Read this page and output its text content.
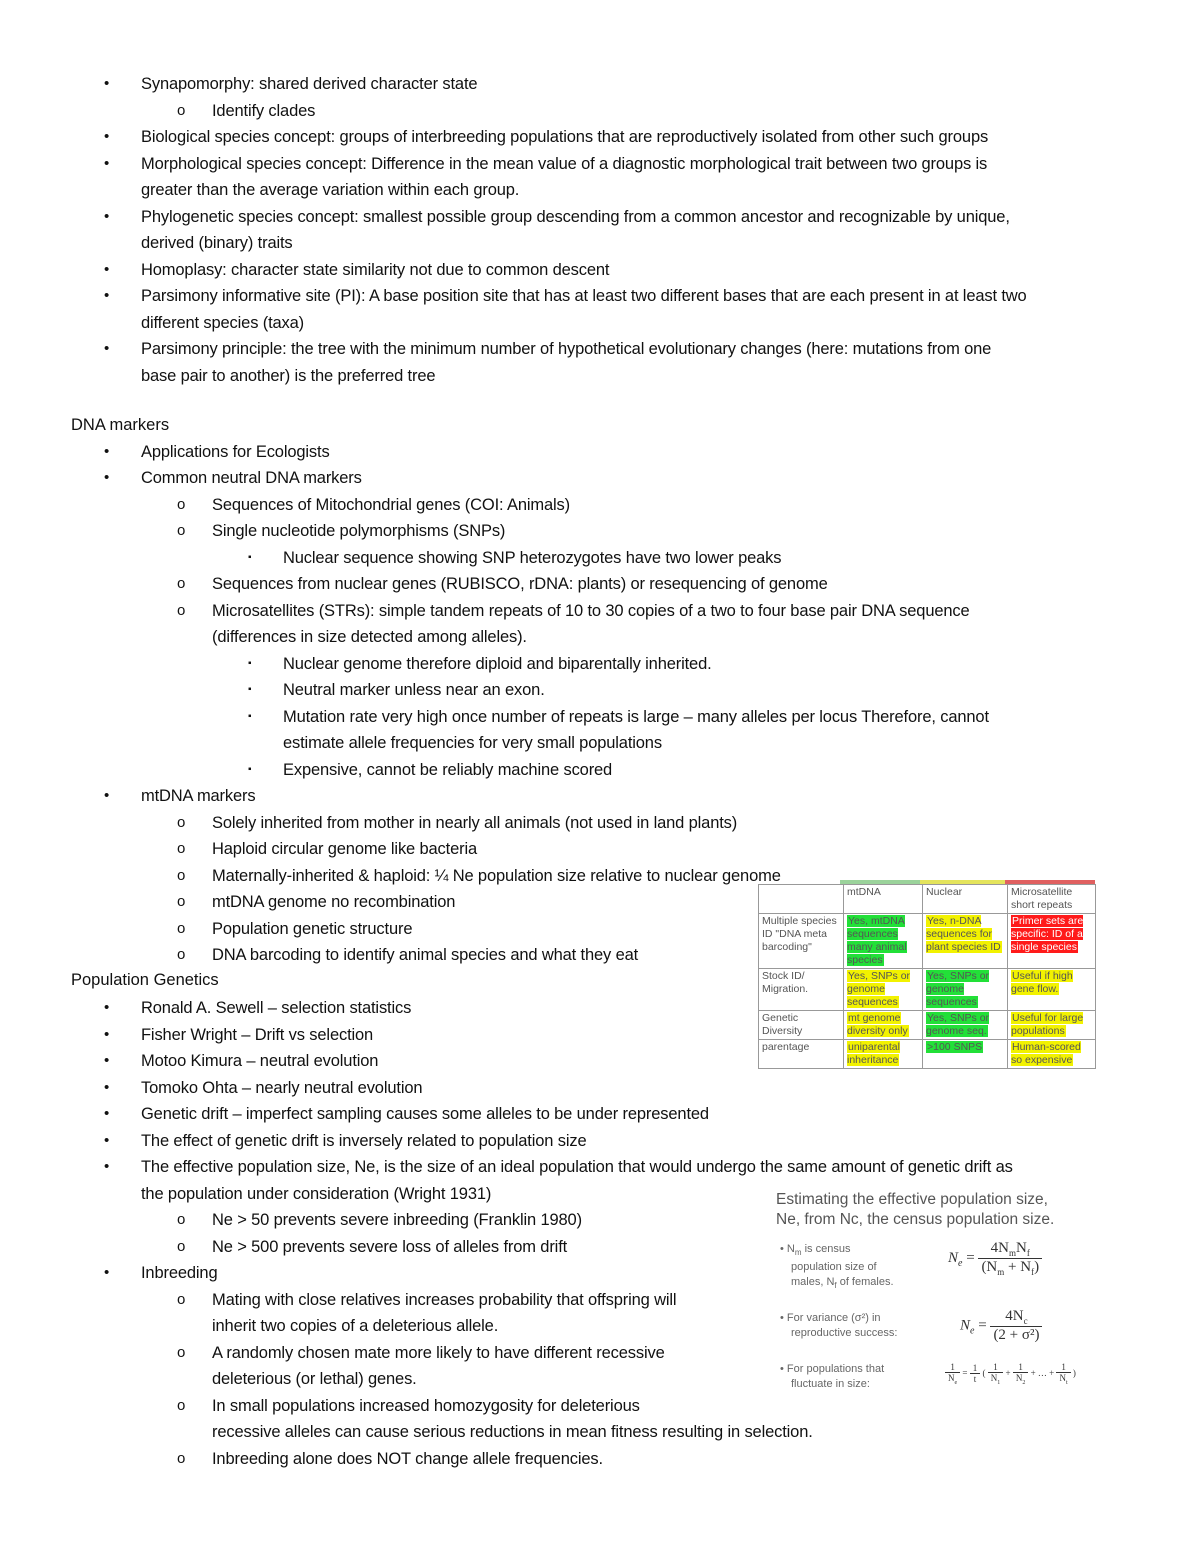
• Synapomorphy: shared derived character state
o Identify clades
• Biological species concept: groups of interbreeding populations that are reproductively isolated from other such groups
• Morphological species concept: Difference in the mean value of a diagnostic morphological trait between two groups is
greater than the average variation within each group.
• Phylogenetic species concept: smallest possible group descending from a common ancestor and recognizable by unique,
derived (binary) traits
• Homoplasy: character state similarity not due to common descent
• Parsimony informative site (PI): A base position site that has at least two different bases that are each present in at least two
different species (taxa)
• Parsimony principle: the tree with the minimum number of hypothetical evolutionary changes (here: mutations from one
base pair to another) is the preferred tree
DNA markers
• Applications for Ecologists
• Common neutral DNA markers
o Sequences of Mitochondrial genes (COI: Animals)
o Single nucleotide polymorphisms (SNPs)
▪ Nuclear sequence showing SNP heterozygotes have two lower peaks
o Sequences from nuclear genes (RUBISCO, rDNA: plants) or resequencing of genome
o Microsatellites (STRs): simple tandem repeats of 10 to 30 copies of a two to four base pair DNA sequence
(differences in size detected among alleles).
▪ Nuclear genome therefore diploid and biparentally inherited.
▪ Neutral marker unless near an exon.
▪ Mutation rate very high once number of repeats is large – many alleles per locus Therefore, cannot
estimate allele frequencies for very small populations
▪ Expensive, cannot be reliably machine scored
• mtDNA markers
o Solely inherited from mother in nearly all animals (not used in land plants)
o Haploid circular genome like bacteria
o Maternally-inherited & haploid: ¼ Ne population size relative to nuclear genome
o mtDNA genome no recombination
o Population genetic structure
o DNA barcoding to identify animal species and what they eat
Population Genetics
• Ronald A. Sewell – selection statistics
• Fisher Wright – Drift vs selection
• Motoo Kimura – neutral evolution
• Tomoko Ohta – nearly neutral evolution
• Genetic drift – imperfect sampling causes some alleles to be under represented
• The effect of genetic drift is inversely related to population size
• The effective population size, Ne, is the size of an ideal population that would undergo the same amount of genetic drift as
the population under consideration (Wright 1931)
o Ne > 50 prevents severe inbreeding (Franklin 1980)
o Ne > 500 prevents severe loss of alleles from drift
• Inbreeding
o Mating with close relatives increases probability that offspring will
inherit two copies of a deleterious allele.
o A randomly chosen mate more likely to have different recessive
deleterious (or lethal) genes.
o In small populations increased homozygosity for deleterious
recessive alleles can cause serious reductions in mean fitness resulting in selection.
o Inbreeding alone does NOT change allele frequencies.
	mtDNA	Nuclear	Microsatellite short repeats
Multiple species ID "DNA meta barcoding"	Yes, mtDNA sequences many animal species	Yes, n-DNA sequences for plant species ID	Primer sets are specific: ID of a single species
Stock ID/ Migration.	Yes, SNPs or genome sequences	Yes, SNPs or genome sequences	Useful if high gene flow.
Genetic Diversity	mt genome diversity only	Yes, SNPs or genome seq.	Useful for large populations
parentage	uniparental inheritance	>100 SNPS	Human-scored so expensive
Estimating the effective population size,
Ne, from Nc, the census population size.
• $N_m$ is census
population size of
males, $N_f$ of females.
$N_e = \frac{4N_mN_f}{(N_m + N_f)}$
• For variance (σ²) in
reproductive success:	$N_e = \frac{4N_c}{\text{(2 + σ²)}}$
• For populations that
fluctuate in size:	$\frac{1}{N_e} = \frac{1}{t}$ ( $\frac{1}{N_1} + \frac{1}{N_2}$ + … + $\frac{1}{N_t}$ )
